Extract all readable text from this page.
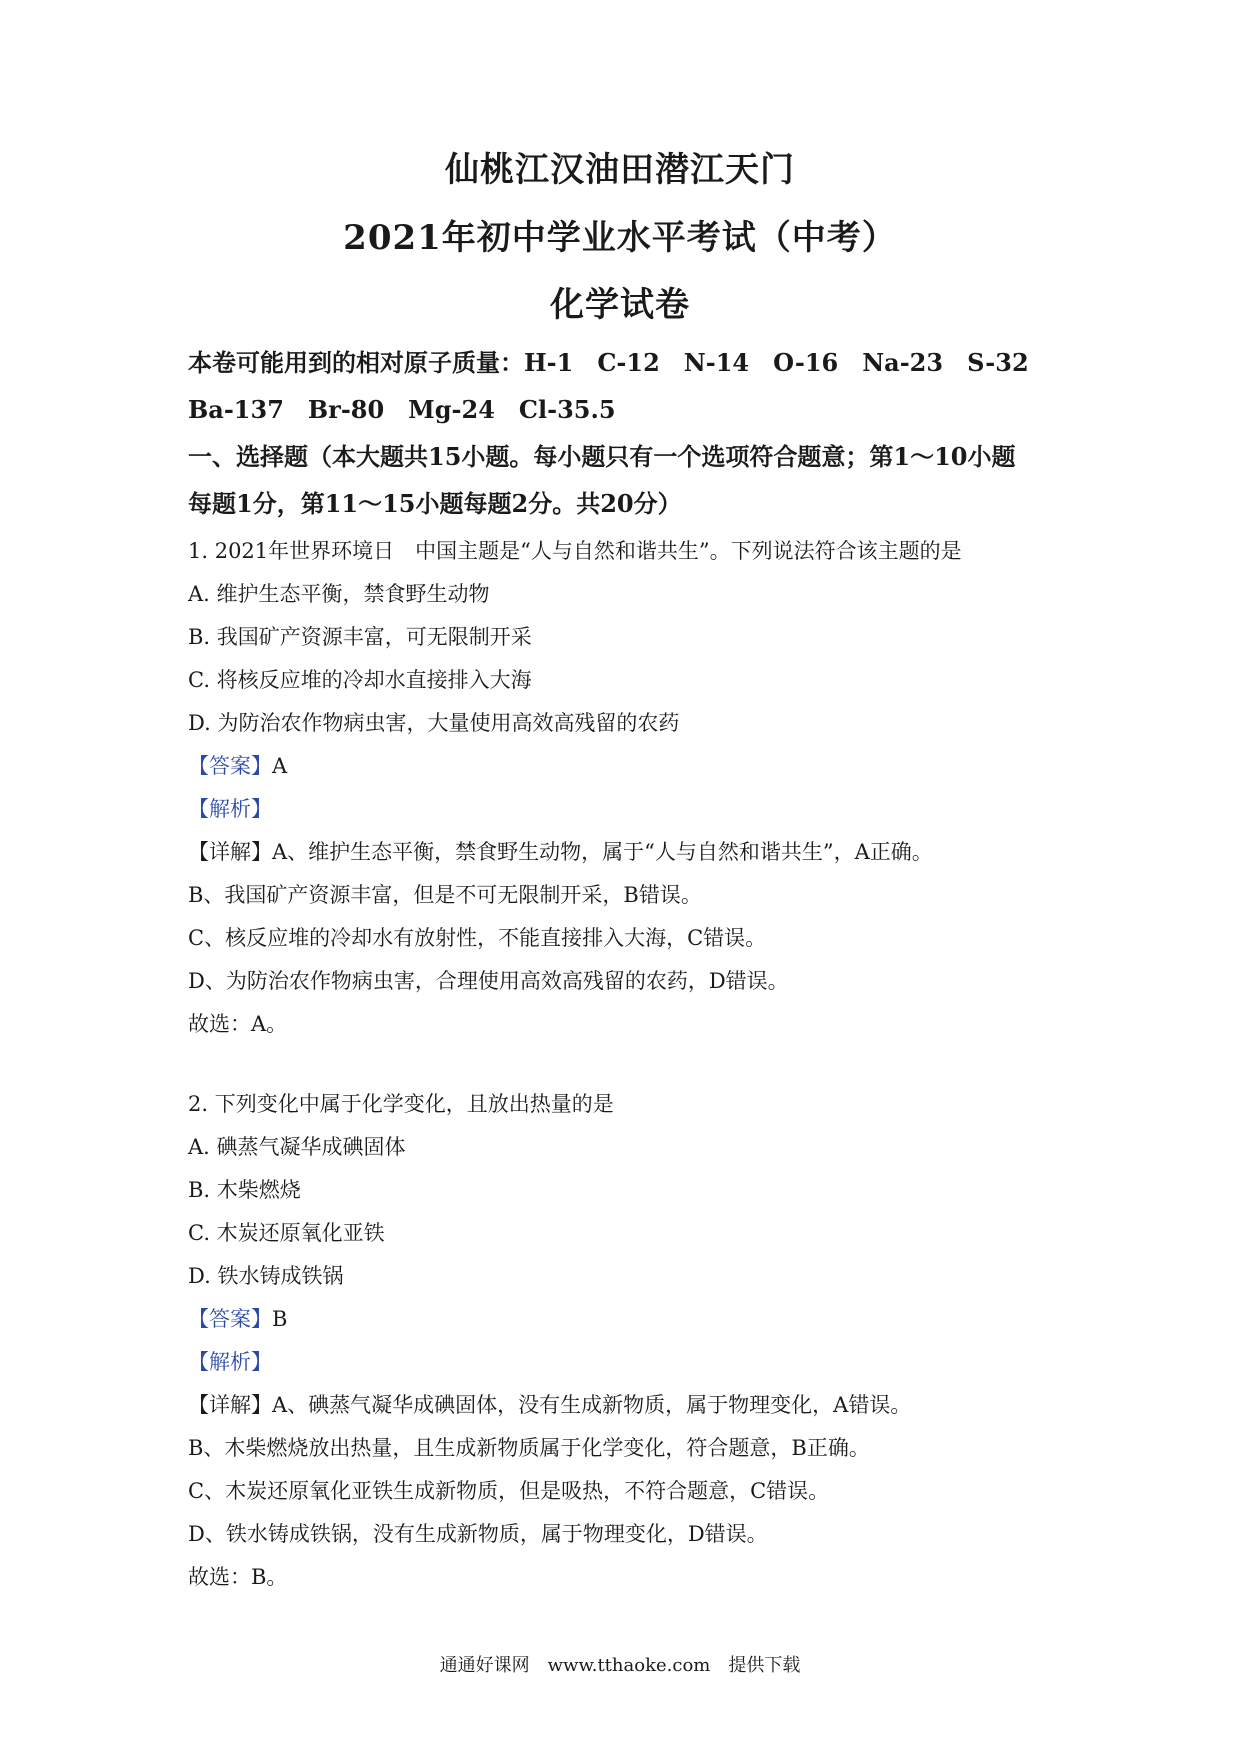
仙桃江汉油田潜江天门
2021年初中学业水平考试（中考）
化学试卷
本卷可能用到的相对原子质量：H-1　C-12　N-14　O-16　Na-23　S-32
Ba-137　Br-80　Mg-24　Cl-35.5
一、选择题（本大题共15小题。每小题只有一个选项符合题意；第1～10小题
每题1分，第11～15小题每题2分。共20分）
1. 2021年世界环境日　中国主题是“人与自然和谐共生”。下列说法符合该主题的是
A. 维护生态平衡，禁食野生动物
B. 我国矿产资源丰富，可无限制开采
C. 将核反应堆的冷却水直接排入大海
D. 为防治农作物病虫害，大量使用高效高残留的农药
【答案】A
【解析】
【详解】A、维护生态平衡，禁食野生动物，属于“人与自然和谐共生”，A正确。
B、我国矿产资源丰富，但是不可无限制开采，B错误。
C、核反应堆的冷却水有放射性，不能直接排入大海，C错误。
D、为防治农作物病虫害，合理使用高效高残留的农药，D错误。
故选：A。
2. 下列变化中属于化学变化，且放出热量的是
A. 碘蒸气凝华成碘固体
B. 木柴燃烧
C. 木炭还原氧化亚铁
D. 铁水铸成铁锅
【答案】B
【解析】
【详解】A、碘蒸气凝华成碘固体，没有生成新物质，属于物理变化，A错误。
B、木柴燃烧放出热量，且生成新物质属于化学变化，符合题意，B正确。
C、木炭还原氧化亚铁生成新物质，但是吸热，不符合题意，C错误。
D、铁水铸成铁锅，没有生成新物质，属于物理变化，D错误。
故选：B。
通通好课网　www.tthaoke.com　提供下载
